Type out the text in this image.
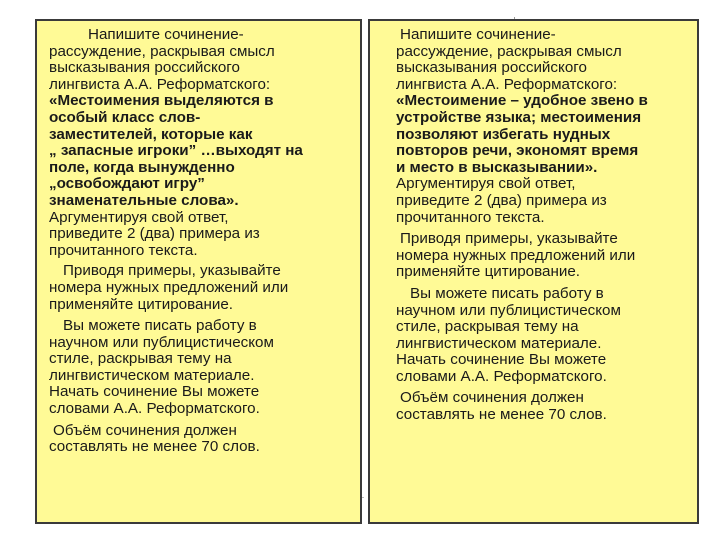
Напишите сочинение-

рассуждение, раскрывая смысл

высказывания российского

лингвиста А.А. Реформатского:

«Местоимения выделяются в

особый класс слов-

заместителей, которые как

„ запасные игроки” …выходят на

поле, когда вынужденно

„освобождают игру”

знаменательные слова».

Аргументируя свой ответ,

приведите 2 (два) примера из

прочитанного текста.

Приводя примеры, указывайте

номера нужных предложений или

применяйте цитирование.

Вы можете писать работу в

научном или публицистическом

стиле, раскрывая тему на

лингвистическом материале.

Начать сочинение Вы можете

словами А.А. Реформатского.

Объём сочинения должен

составлять не менее 70 слов.

Напишите сочинение-

рассуждение, раскрывая смысл

высказывания российского

лингвиста А.А. Реформатского:

«Местоимение – удобное звено в

устройстве языка; местоимения

позволяют избегать нудных

повторов речи, экономят время

и место в высказывании».

Аргументируя свой ответ,

приведите 2 (два) примера из

прочитанного текста.

Приводя примеры, указывайте

номера нужных предложений или

применяйте цитирование.

Вы можете писать работу в

научном или публицистическом

стиле, раскрывая тему на

лингвистическом материале.

Начать сочинение Вы можете

словами А.А. Реформатского.

Объём сочинения должен

составлять не менее 70 слов.
